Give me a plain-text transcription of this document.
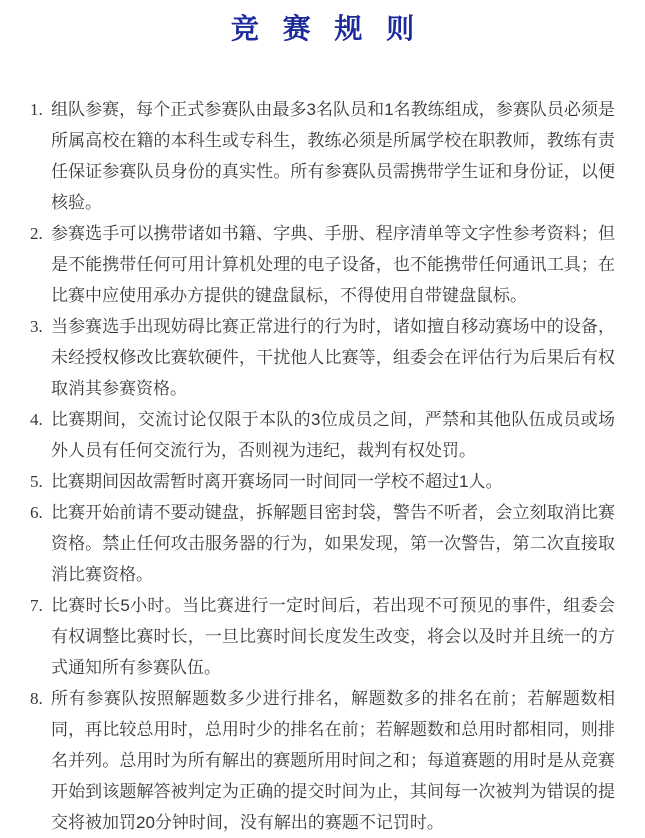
竞 赛 规 则
1. 组队参赛，每个正式参赛队由最多3名队员和1名教练组成，参赛队员必须是所属高校在籍的本科生或专科生，教练必须是所属学校在职教师，教练有责任保证参赛队员身份的真实性。所有参赛队员需携带学生证和身份证，以便核验。
2. 参赛选手可以携带诸如书籍、字典、手册、程序清单等文字性参考资料；但是不能携带任何可用计算机处理的电子设备，也不能携带任何通讯工具；在比赛中应使用承办方提供的键盘鼠标，不得使用自带键盘鼠标。
3. 当参赛选手出现妨碍比赛正常进行的行为时，诸如擅自移动赛场中的设备，未经授权修改比赛软硬件，干扰他人比赛等，组委会在评估行为后果后有权取消其参赛资格。
4. 比赛期间，交流讨论仅限于本队的3位成员之间，严禁和其他队伍成员或场外人员有任何交流行为，否则视为违纪，裁判有权处罚。
5. 比赛期间因故需暂时离开赛场同一时间同一学校不超过1人。
6. 比赛开始前请不要动键盘，拆解题目密封袋，警告不听者，会立刻取消比赛资格。禁止任何攻击服务器的行为，如果发现，第一次警告，第二次直接取消比赛资格。
7. 比赛时长5小时。当比赛进行一定时间后，若出现不可预见的事件，组委会有权调整比赛时长，一旦比赛时间长度发生改变，将会以及时并且统一的方式通知所有参赛队伍。
8. 所有参赛队按照解题数多少进行排名，解题数多的排名在前；若解题数相同，再比较总用时，总用时少的排名在前；若解题数和总用时都相同，则排名并列。总用时为所有解出的赛题所用时间之和；每道赛题的用时是从竞赛开始到该题解答被判定为正确的提交时间为止，其间每一次被判为错误的提交将被加罚20分钟时间，没有解出的赛题不记罚时。
